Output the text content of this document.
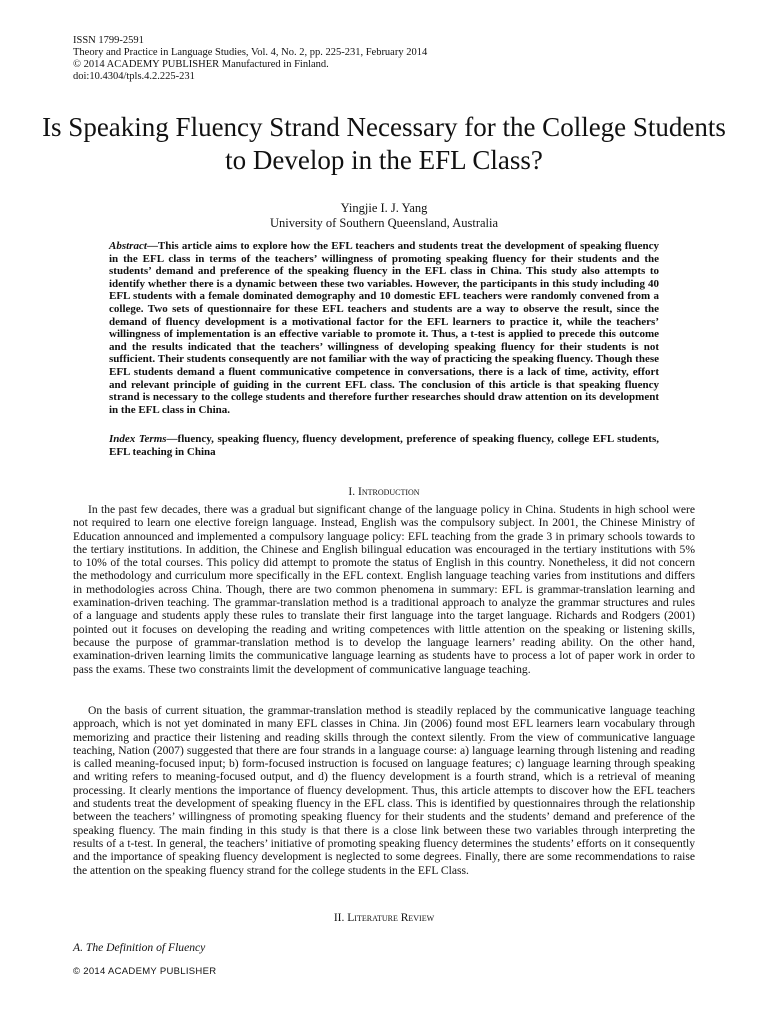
ISSN 1799-2591
Theory and Practice in Language Studies, Vol. 4, No. 2, pp. 225-231, February 2014
© 2014 ACADEMY PUBLISHER Manufactured in Finland.
doi:10.4304/tpls.4.2.225-231
Is Speaking Fluency Strand Necessary for the College Students to Develop in the EFL Class?
Yingjie I. J. Yang
University of Southern Queensland, Australia
Abstract—This article aims to explore how the EFL teachers and students treat the development of speaking fluency in the EFL class in terms of the teachers’ willingness of promoting speaking fluency for their students and the students’ demand and preference of the speaking fluency in the EFL class in China. This study also attempts to identify whether there is a dynamic between these two variables. However, the participants in this study including 40 EFL students with a female dominated demography and 10 domestic EFL teachers were randomly convened from a college. Two sets of questionnaire for these EFL teachers and students are a way to observe the result, since the demand of fluency development is a motivational factor for the EFL learners to practice it, while the teachers’ willingness of implementation is an effective variable to promote it. Thus, a t-test is applied to precede this outcome and the results indicated that the teachers’ willingness of developing speaking fluency for their students is not sufficient. Their students consequently are not familiar with the way of practicing the speaking fluency. Though these EFL students demand a fluent communicative competence in conversations, there is a lack of time, activity, effort and relevant principle of guiding in the current EFL class. The conclusion of this article is that speaking fluency strand is necessary to the college students and therefore further researches should draw attention on its development in the EFL class in China.
Index Terms—fluency, speaking fluency, fluency development, preference of speaking fluency, college EFL students, EFL teaching in China
I. Introduction

In the past few decades, there was a gradual but significant change of the language policy in China. Students in high school were not required to learn one elective foreign language. Instead, English was the compulsory subject. In 2001, the Chinese Ministry of Education announced and implemented a compulsory language policy: EFL teaching from the grade 3 in primary schools towards to the tertiary institutions. In addition, the Chinese and English bilingual education was encouraged in the tertiary institutions with 5% to 10% of the total courses. This policy did attempt to promote the status of English in this country. Nonetheless, it did not concern the methodology and curriculum more specifically in the EFL context. English language teaching varies from institutions and differs in methodologies across China. Though, there are two common phenomena in summary: EFL is grammar-translation learning and examination-driven teaching. The grammar-translation method is a traditional approach to analyze the grammar structures and rules of a language and students apply these rules to translate their first language into the target language. Richards and Rodgers (2001) pointed out it focuses on developing the reading and writing competences with little attention on the speaking or listening skills, because the purpose of grammar-translation method is to develop the language learners’ reading ability. On the other hand, examination-driven learning limits the communicative language learning as students have to process a lot of paper work in order to pass the exams. These two constraints limit the development of communicative language teaching.

On the basis of current situation, the grammar-translation method is steadily replaced by the communicative language teaching approach, which is not yet dominated in many EFL classes in China. Jin (2006) found most EFL learners learn vocabulary through memorizing and practice their listening and reading skills through the context silently. From the view of communicative language teaching, Nation (2007) suggested that there are four strands in a language course: a) language learning through listening and reading is called meaning-focused input; b) form-focused instruction is focused on language features; c) language learning through speaking and writing refers to meaning-focused output, and d) the fluency development is a fourth strand, which is a retrieval of meaning processing. It clearly mentions the importance of fluency development. Thus, this article attempts to discover how the EFL teachers and students treat the development of speaking fluency in the EFL class. This is identified by questionnaires through the relationship between the teachers’ willingness of promoting speaking fluency for their students and the students’ demand and preference of the speaking fluency. The main finding in this study is that there is a close link between these two variables through interpreting the results of a t-test. In general, the teachers’ initiative of promoting speaking fluency determines the students’ efforts on it consequently and the importance of speaking fluency development is neglected to some degrees. Finally, there are some recommendations to raise the attention on the speaking fluency strand for the college students in the EFL Class.

II. Literature Review
A. The Definition of Fluency
© 2014 ACADEMY PUBLISHER
